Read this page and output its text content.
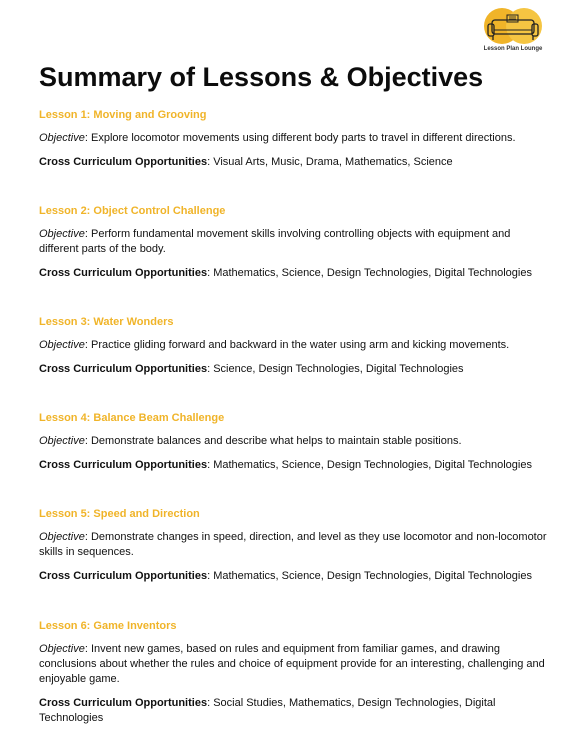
Lesson Plan Lounge
Summary of Lessons & Objectives

Lesson 1: Moving and Grooving

Objective: Explore locomotor movements using different body parts to travel in different directions.

Cross Curriculum Opportunities: Visual Arts, Music, Drama, Mathematics, Science

Lesson 2: Object Control Challenge

Objective: Perform fundamental movement skills involving controlling objects with equipment and different parts of the body.

Cross Curriculum Opportunities: Mathematics, Science, Design Technologies, Digital Technologies

Lesson 3: Water Wonders

Objective: Practice gliding forward and backward in the water using arm and kicking movements.

Cross Curriculum Opportunities: Science, Design Technologies, Digital Technologies

Lesson 4: Balance Beam Challenge

Objective: Demonstrate balances and describe what helps to maintain stable positions.

Cross Curriculum Opportunities: Mathematics, Science, Design Technologies, Digital Technologies

Lesson 5: Speed and Direction

Objective: Demonstrate changes in speed, direction, and level as they use locomotor and non-locomotor skills in sequences.

Cross Curriculum Opportunities: Mathematics, Science, Design Technologies, Digital Technologies

Lesson 6: Game Inventors

Objective: Invent new games, based on rules and equipment from familiar games, and drawing conclusions about whether the rules and choice of equipment provide for an interesting, challenging and enjoyable game.

Cross Curriculum Opportunities: Social Studies, Mathematics, Design Technologies, Digital Technologies
